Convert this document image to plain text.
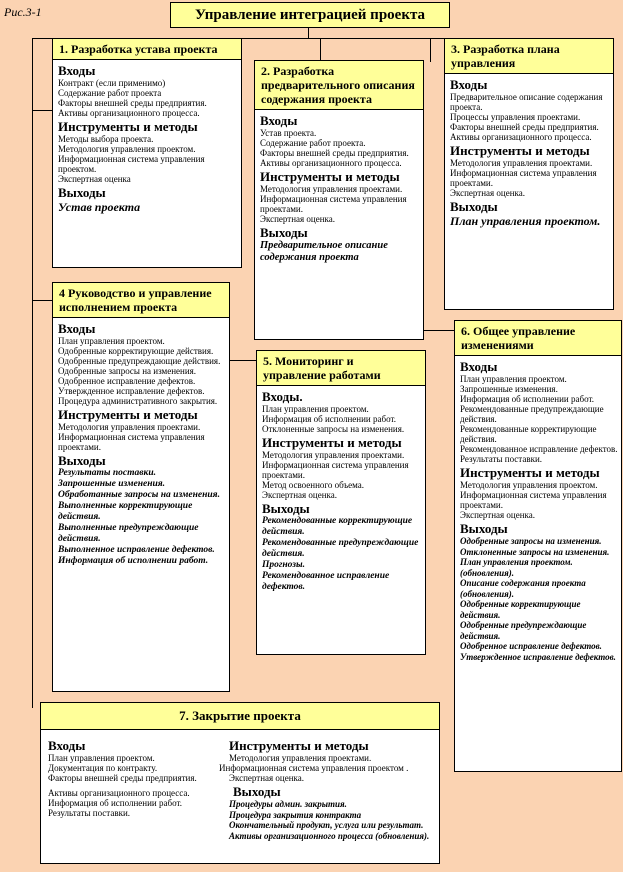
Рис.3-1	Управление интеграцией проекта
1. Разработка устава проекта
Входы
Контракт (если применимо)
Содержание работ проекта
Факторы внешней среды предприятия.
Активы организационного процесса.
Инструменты и методы
Методы выбора проекта.
Методология управления проектом.
Информационная система управления проектом.
Экспертная оценка
Выходы
Устав проекта
2. Разработка предварительного описания содержания проекта
Входы
Устав проекта.
Содержание работ проекта.
Факторы внешней среды предприятия.
Активы организационного процесса.
Инструменты и методы
Методология управления проектами.
Информационная система управления проектами.
Экспертная оценка.
Выходы
Предварительное описание содержания проекта
3. Разработка плана управления
Входы
Предварительное описание содержания проекта.
Процессы управления проектами.
Факторы внешней среды предприятия.
Активы организационного процесса.
Инструменты и методы
Методология управления проектами.
Информационная система управления проектами.
Экспертная оценка.
Выходы
План управления проектом.
4 Руководство и управление исполнением проекта
Входы
План управления проектом.
Одобренные корректирующие действия.
Одобренные предупреждающие действия.
Одобренные запросы на изменения.
Одобренное исправление дефектов.
Утвержденное исправление дефектов.
Процедура административного закрытия.
Инструменты и методы
Методология управления проектами.
Информационная система управления проектами.
Выходы
Результаты поставки.
Запрошенные изменения.
Обработанные запросы на изменения.
Выполненные корректирующие действия.
Выполненные предупреждающие действия.
Выполненное исправление дефектов.
Информация об исполнении работ.
5. Мониторинг и управление работами
Входы.
План управления проектом.
Информация об исполнении работ.
Отклоненные запросы на изменения.
Инструменты и методы
Методология управления проектами.
Информационная система управления проектами.
Метод освоенного объема.
Экспертная оценка.
Выходы
Рекомендованные корректирующие действия.
Рекомендованные предупреждающие действия.
Прогнозы.
Рекомендованное исправление дефектов.
6. Общее управление изменениями
Входы
План управления проектом.
Запрошенные изменения.
Информация об исполнении работ.
Рекомендованные предупреждающие действия.
Рекомендованные корректирующие действия.
Рекомендованное исправление дефектов.
Результаты поставки.
Инструменты и методы
Методология управления проектом.
Информационная система управления проектами.
Экспертная оценка.
Выходы
Одобренные запросы на изменения.
Отклоненные запросы на изменения.
План управления проектом. (обновления).
Описание содержания проекта (обновления).
Одобренные корректирующие действия.
Одобренные предупреждающие действия.
Одобренное исправление дефектов.
Утвержденное исправление дефектов.
7. Закрытие проекта
Входы
План управления проектом.
Документация по контракту.
Факторы внешней среды предприятия.
Активы организационного процесса.
Информация об исполнении работ.
Результаты поставки.
Инструменты и методы
Методология управления проектами.
Информационная система управления проектом .
Экспертная оценка.
Выходы
Процедуры админ. закрытия.
Процедура закрытия контракта
Окончательный продукт, услуга или результат. Активы организационного процесса (обновления).
